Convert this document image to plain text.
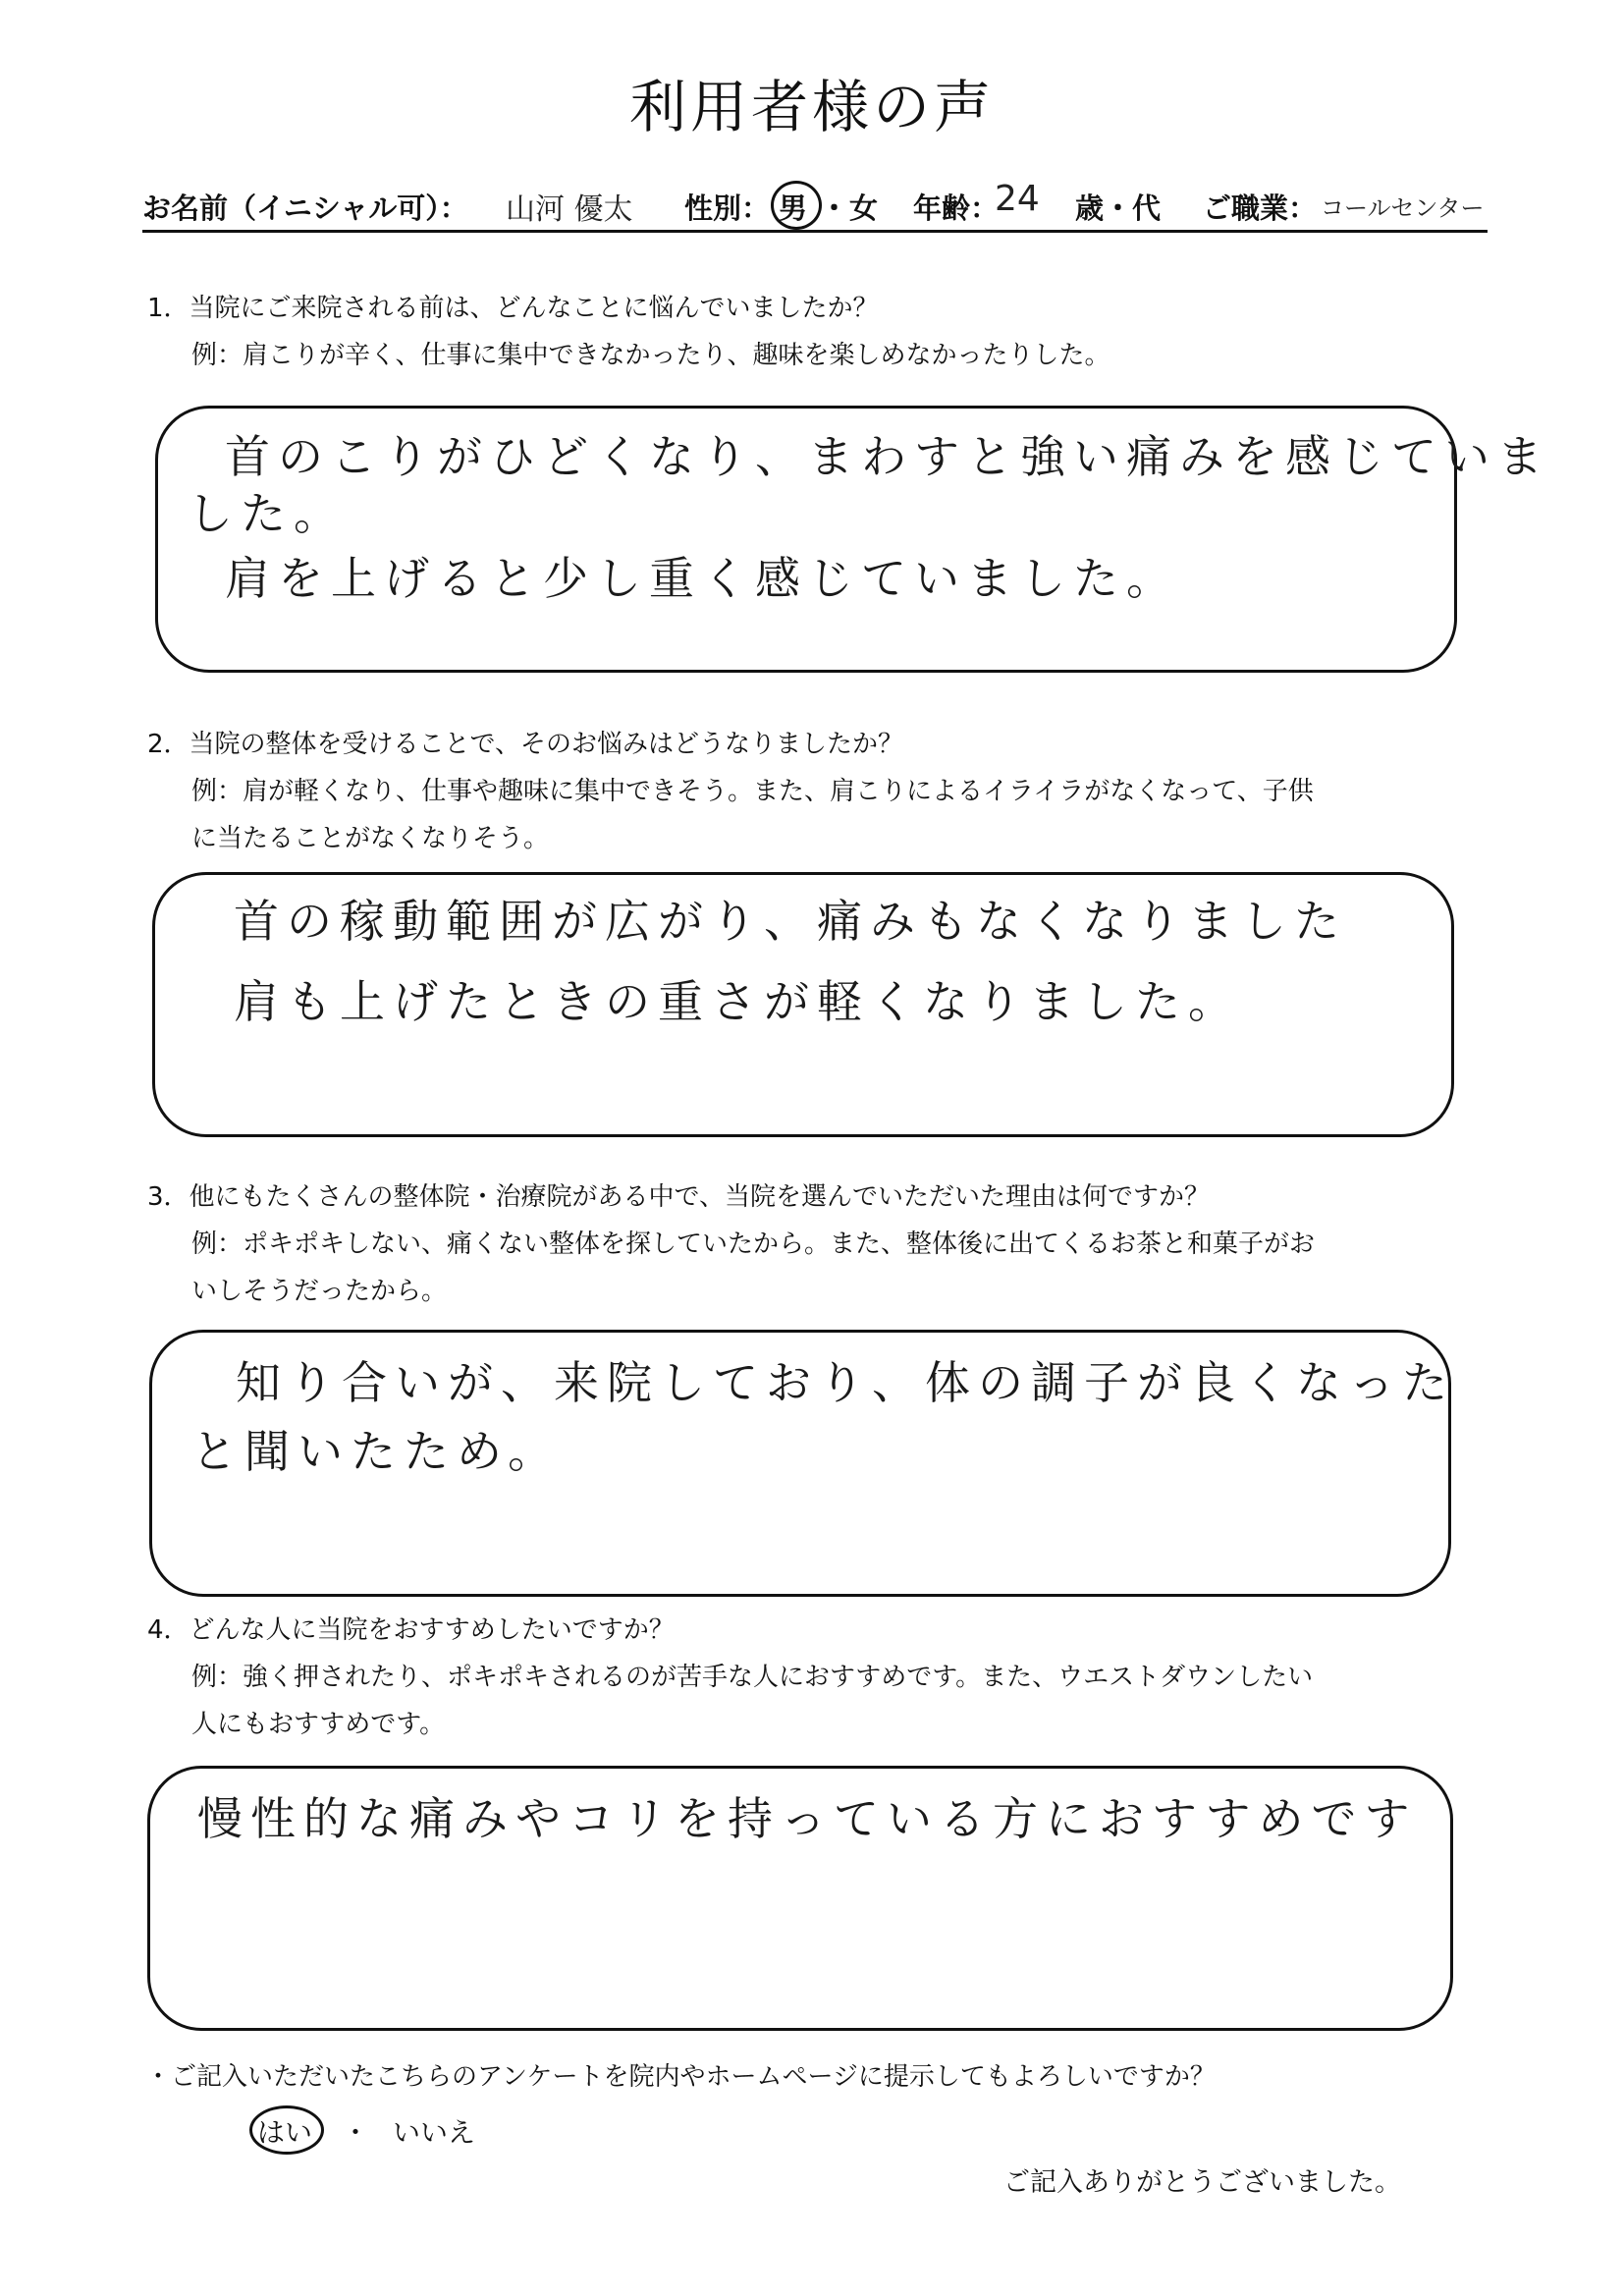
利用者様の声
お名前（イニシャル可）： 山河 優太 性別： 男 ・ 女 年齢：
24 歳・代 ご職業： コールセンター
1．当院にご来院される前は、どんなことに悩んでいましたか？
例：肩こりが辛く、仕事に集中できなかったり、趣味を楽しめなかったりした。
首のこりがひどくなり、まわすと強い痛みを感じていま
した。
肩を上げると少し重く感じていました。
2．当院の整体を受けることで、そのお悩みはどうなりましたか？
例：肩が軽くなり、仕事や趣味に集中できそう。また、肩こりによるイライラがなくなって、子供
に当たることがなくなりそう。
首の稼動範囲が広がり、痛みもなくなりました
肩も上げたときの重さが軽くなりました。
3．他にもたくさんの整体院・治療院がある中で、当院を選んでいただいた理由は何ですか？
例：ポキポキしない、痛くない整体を探していたから。また、整体後に出てくるお茶と和菓子がお
いしそうだったから。
知り合いが、来院しており、体の調子が良くなった
と聞いたため。
4．どんな人に当院をおすすめしたいですか？
例：強く押されたり、ポキポキされるのが苦手な人におすすめです。また、ウエストダウンしたい
人にもおすすめです。
慢性的な痛みやコリを持っている方におすすめです
・ご記入いただいたこちらのアンケートを院内やホームページに提示してもよろしいですか？
はい ・ いいえ
ご記入ありがとうございました。
